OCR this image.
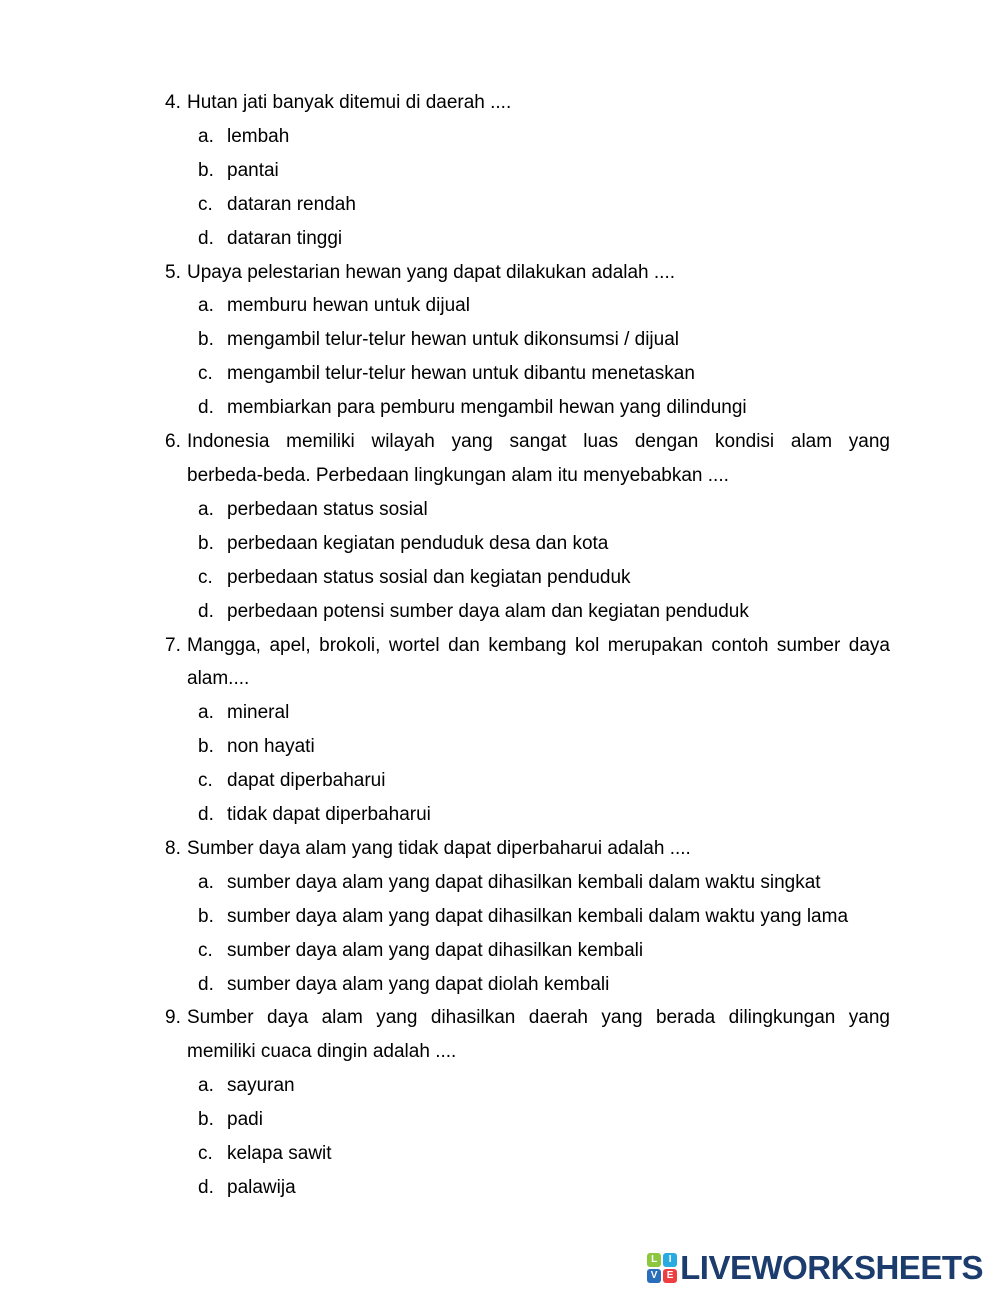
4. Hutan jati banyak ditemui di daerah ....
a. lembah
b. pantai
c. dataran rendah
d. dataran tinggi
5. Upaya pelestarian hewan yang dapat dilakukan adalah ....
a. memburu hewan untuk dijual
b. mengambil telur-telur hewan untuk dikonsumsi / dijual
c. mengambil telur-telur hewan untuk dibantu menetaskan
d. membiarkan para pemburu mengambil hewan yang dilindungi
6. Indonesia memiliki wilayah yang sangat luas dengan kondisi alam yang
berbeda-beda. Perbedaan lingkungan alam itu menyebabkan ....
a. perbedaan status sosial
b. perbedaan kegiatan penduduk desa dan kota
c. perbedaan status sosial dan kegiatan penduduk
d. perbedaan potensi sumber daya alam dan kegiatan penduduk
7. Mangga, apel, brokoli, wortel dan kembang kol merupakan contoh sumber daya
alam....
a. mineral
b. non hayati
c. dapat diperbaharui
d. tidak dapat diperbaharui
8. Sumber daya alam yang tidak dapat diperbaharui adalah ....
a. sumber daya alam yang dapat dihasilkan kembali dalam waktu singkat
b. sumber daya alam yang dapat dihasilkan kembali dalam waktu yang lama
c. sumber daya alam yang dapat dihasilkan kembali
d. sumber daya alam yang dapat diolah kembali
9. Sumber daya alam yang dihasilkan daerah yang berada dilingkungan yang
memiliki cuaca dingin adalah ....
a. sayuran
b. padi
c. kelapa sawit
d. palawija
L	I
V E LIVEWORKSHEETS
